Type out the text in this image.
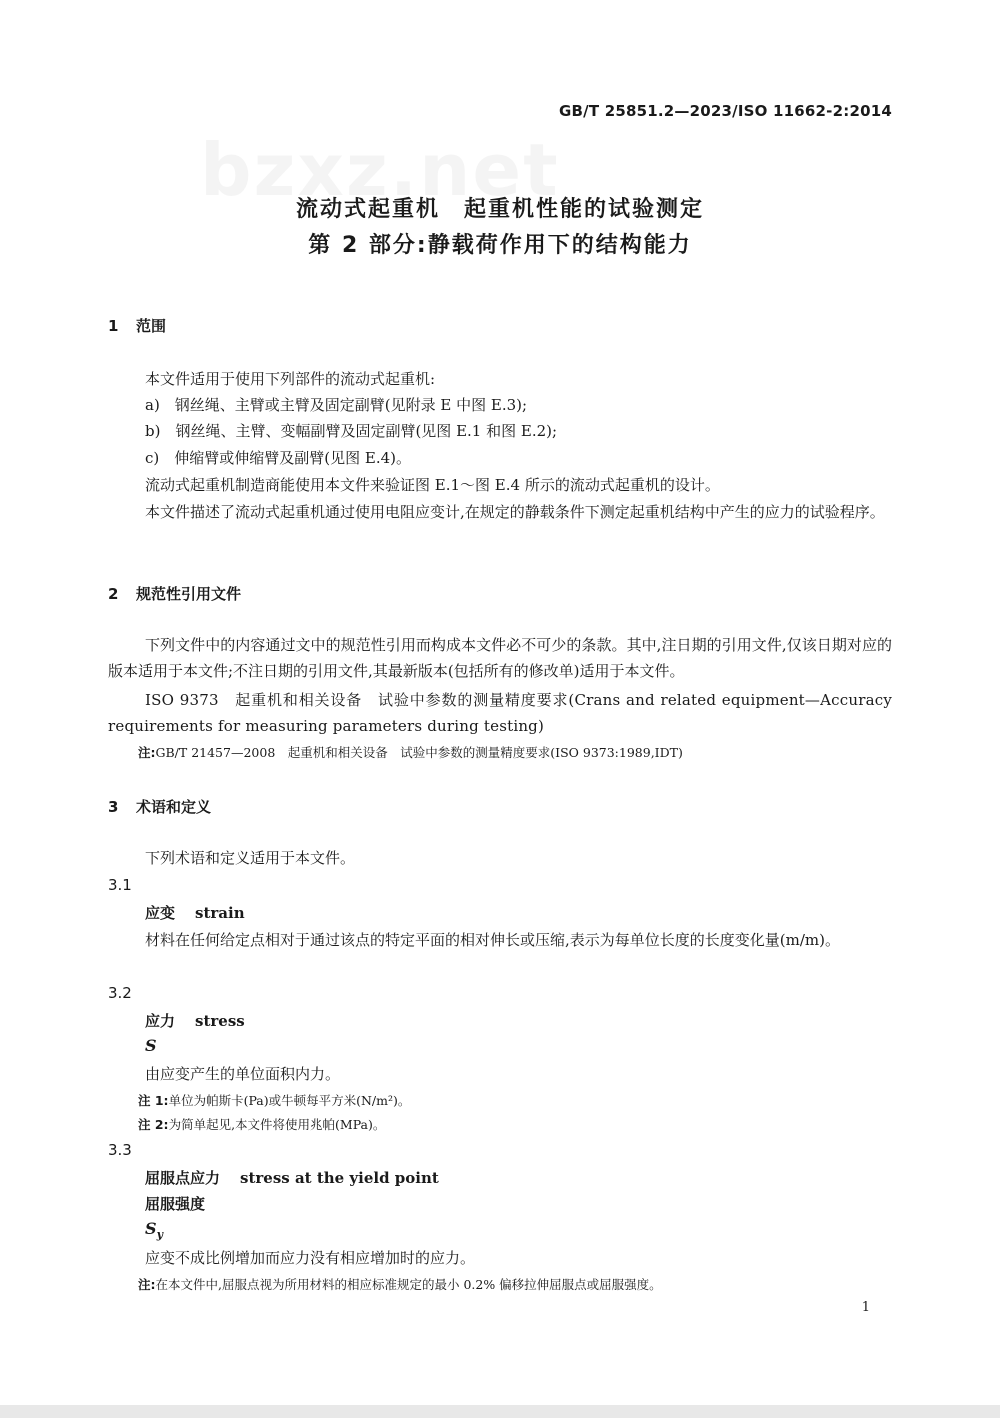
GB/T 25851.2—2023/ISO 11662-2:2014
流动式起重机　起重机性能的试验测定
第 2 部分:静载荷作用下的结构能力
1 范围
本文件适用于使用下列部件的流动式起重机:
a)　钢丝绳、主臂或主臂及固定副臂(见附录 E 中图 E.3);
b)　钢丝绳、主臂、变幅副臂及固定副臂(见图 E.1 和图 E.2);
c)　伸缩臂或伸缩臂及副臂(见图 E.4)。
流动式起重机制造商能使用本文件来验证图 E.1～图 E.4 所示的流动式起重机的设计。
本文件描述了流动式起重机通过使用电阻应变计,在规定的静载条件下测定起重机结构中产生的应力的试验程序。
2 规范性引用文件
下列文件中的内容通过文中的规范性引用而构成本文件必不可少的条款。其中,注日期的引用文件,仅该日期对应的版本适用于本文件;不注日期的引用文件,其最新版本(包括所有的修改单)适用于本文件。
ISO 9373　起重机和相关设备　试验中参数的测量精度要求(Crans and related equipment—Accuracy requirements for measuring parameters during testing)
注:GB/T 21457—2008　起重机和相关设备　试验中参数的测量精度要求(ISO 9373:1989,IDT)
3 术语和定义
下列术语和定义适用于本文件。
3.1
应变 strain
材料在任何给定点相对于通过该点的特定平面的相对伸长或压缩,表示为每单位长度的长度变化量(m/m)。
3.2
应力 stress
S
由应变产生的单位面积内力。
注 1:单位为帕斯卡(Pa)或牛顿每平方米(N/m²)。
注 2:为简单起见,本文件将使用兆帕(MPa)。
3.3
屈服点应力 stress at the yield point
屈服强度
$S_y$
应变不成比例增加而应力没有相应增加时的应力。
注:在本文件中,屈服点视为所用材料的相应标准规定的最小 0.2% 偏移拉伸屈服点或屈服强度。
1
